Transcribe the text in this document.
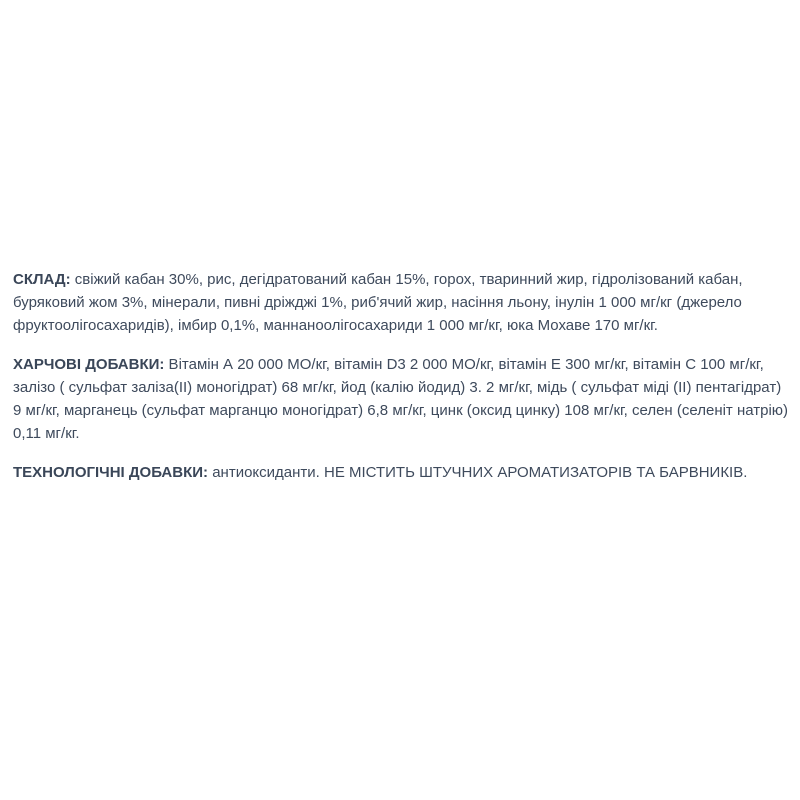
СКЛАД: свіжий кабан 30%, рис, дегідратований кабан 15%, горох, тваринний жир, гідролізований кабан, буряковий жом 3%, мінерали, пивні дріжджі 1%, риб'ячий жир, насіння льону, інулін 1 000 мг/кг (джерело фруктоолігосахаридів), імбир 0,1%, маннаноолігосахариди 1 000 мг/кг, юка Мохаве 170 мг/кг.

ХАРЧОВІ ДОБАВКИ: Вітамін А 20 000 МО/кг, вітамін D3 2 000 МО/кг, вітамін Е 300 мг/кг, вітамін С 100 мг/кг, залізо ( сульфат заліза(ІІ) моногідрат) 68 мг/кг, йод (калію йодид) 3. 2 мг/кг, мідь ( сульфат міді (ІІ) пентагідрат) 9 мг/кг, марганець (сульфат марганцю моногідрат) 6,8 мг/кг, цинк (оксид цинку) 108 мг/кг, селен (селеніт натрію) 0,11 мг/кг.

ТЕХНОЛОГІЧНІ ДОБАВКИ: антиоксиданти. НЕ МІСТИТЬ ШТУЧНИХ АРОМАТИЗАТОРІВ ТА БАРВНИКІВ.
